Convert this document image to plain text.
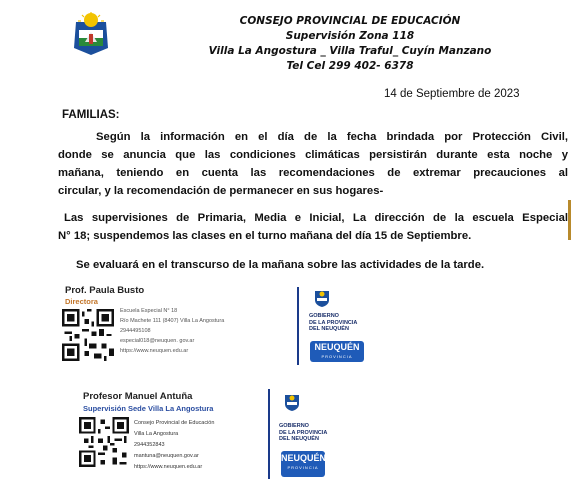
CONSEJO PROVINCIAL DE EDUCACIÓN
Supervisión Zona 118
Villa La Angostura _ Villa Traful_ Cuyín Manzano
Tel Cel 299 402- 6378
14 de Septiembre de 2023
FAMILIAS:
Según la información en el día de la fecha brindada por Protección Civil,
donde se anuncia que las condiciones climáticas persistirán durante esta noche y
mañana, teniendo en cuenta las recomendaciones de extremar precauciones al
circular, y la recomendación de permanecer en sus hogares-
Las supervisiones de Primaria, Media e Inicial, La dirección de la escuela Especial
N° 18; suspendemos las clases en el turno mañana del día 15 de Septiembre.
Se evaluará en el transcurso de la mañana sobre las actividades de la tarde.
Prof. Paula Busto
Directora
Escuela Especial N° 18
Río Machete 111 (8407) Villa La Angostura
2944495108
especial018@neuquen. gov.ar
https://www.neuquen.edu.ar
GOBIERNO
DE LA PROVINCIA
DEL NEUQUÉN
NEUQUÉN
PROVINCIA
Profesor Manuel Antuña
Supervisión Sede Villa La Angostura
Consejo Provincial de Educación
Villa La Angostura
2944352843
mantuna@neuquen.gov.ar
https://www.neuquen.edu.ar
GOBIERNO
DE LA PROVINCIA
DEL NEUQUÉN
NEUQUÉN
PROVINCIA
